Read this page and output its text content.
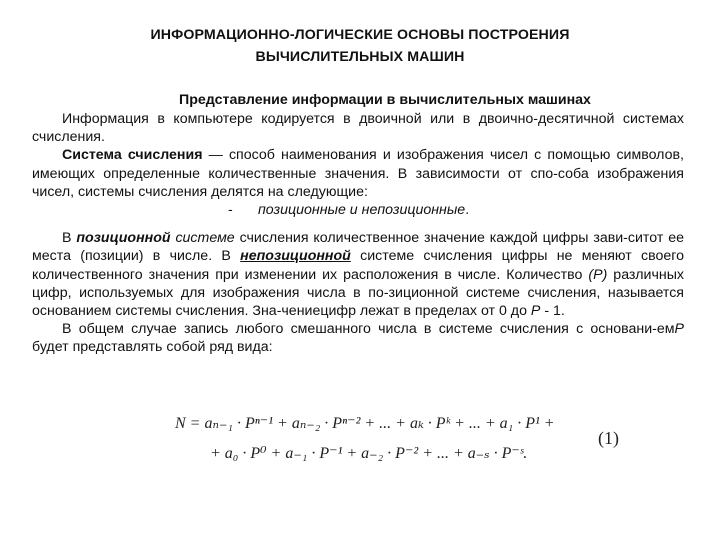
ИНФОРМАЦИОННО-ЛОГИЧЕСКИЕ ОСНОВЫ ПОСТРОЕНИЯ
ВЫЧИСЛИТЕЛЬНЫХ МАШИН
Представление информации в вычислительных машинах

Информация в компьютере кодируется в двоичной или в двоично-десятичной системах счисления.

Система счисления — способ наименования и изображения чисел с помощью символов, имеющих определенные количественные значения. В зависимости от спо-соба изображения чисел, системы счисления делятся на следующие:

- позиционные и непозиционные.

В позиционной системе счисления количественное значение каждой цифры зави-ситот ее места (позиции) в числе. В непозиционной системе счисления цифры не меняют своего количественного значения при изменении их расположения в числе. Количество (Р) различных цифр, используемых для изображения числа в по-зиционной системе счисления, называется основанием системы счисления. Зна-чениецифр лежат в пределах от 0 до Р - 1.

В общем случае запись любого смешанного числа в системе счисления с основани-емР будет представлять собой ряд вида:

N = aₙ₋₁ · Pⁿ⁻¹ + aₙ₋₂ · Pⁿ⁻² + ... + aₖ · Pᵏ + ... + a₁ · P¹ +
+ a₀ · P⁰ + a₋₁ · P⁻¹ + a₋₂ · P⁻² + ... + a₋ₛ · P⁻ˢ.
(1)
